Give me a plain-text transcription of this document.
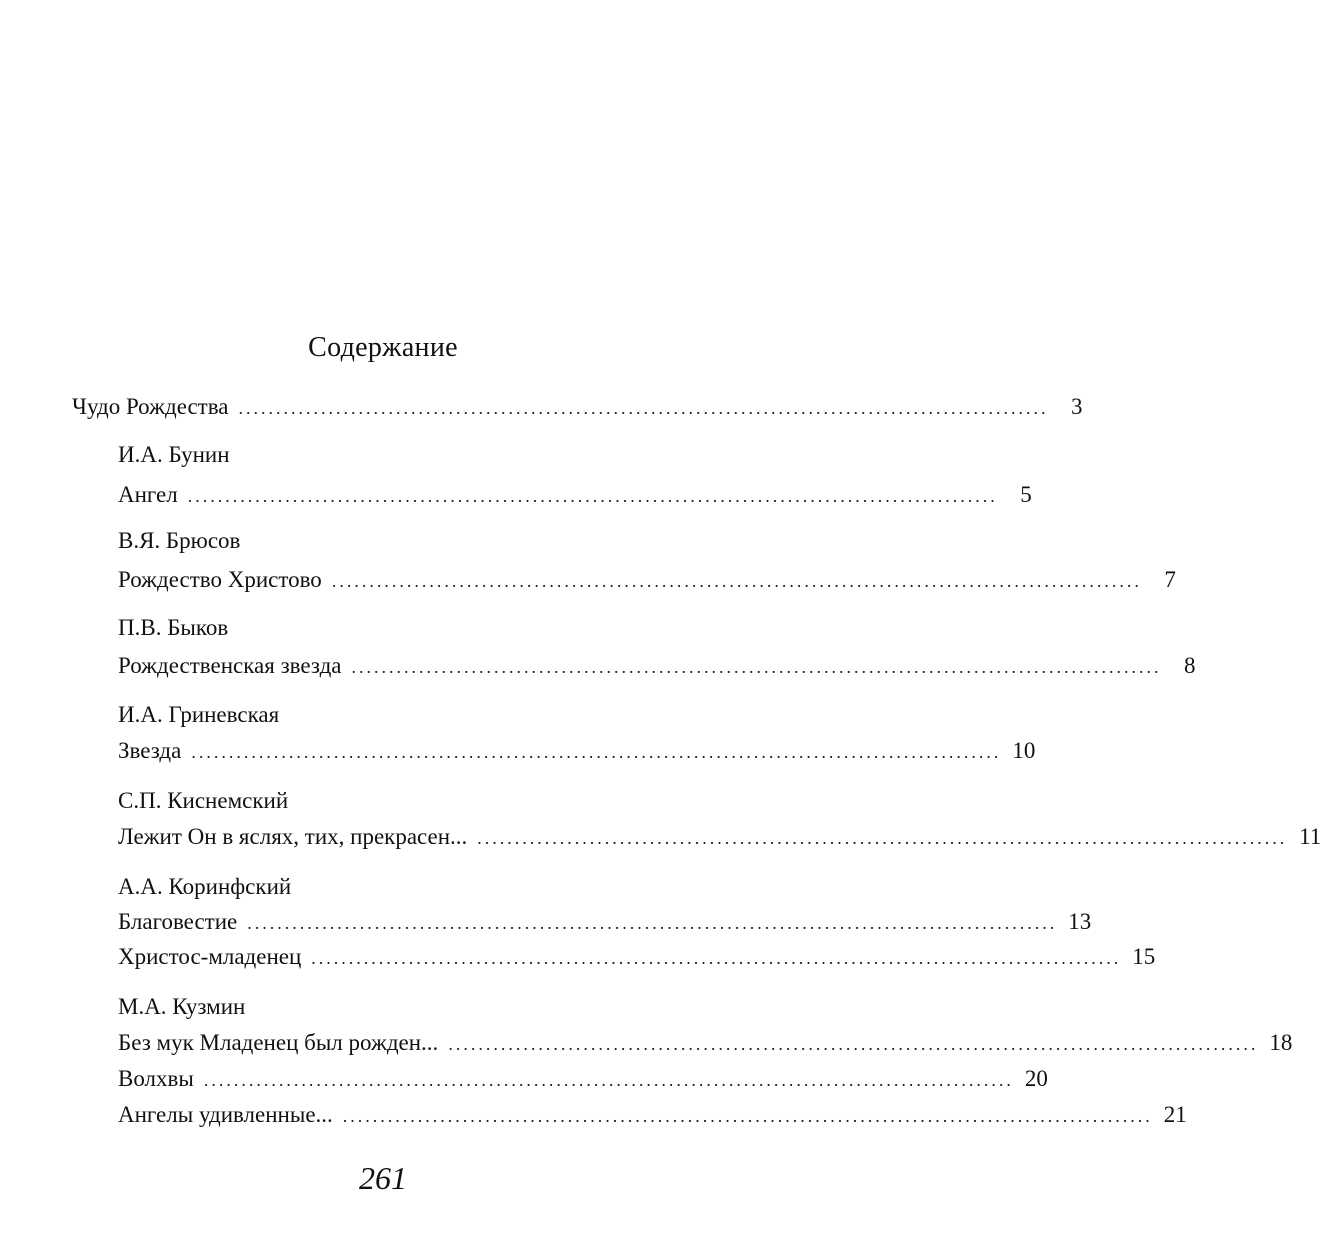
Содержание
Чудо Рождества ............................................................................................................ 3
И.А. Бунин
Ангел ............................................................................................................ 5
В.Я. Брюсов
Рождество Христово ............................................................................................................ 7
П.В. Быков
Рождественская звезда ............................................................................................................ 8
И.А. Гриневская
Звезда ............................................................................................................ 10
С.П. Киснемский
Лежит Он в яслях, тих, прекрасен... ............................................................................................................ 11
А.А. Коринфский
Благовестие ............................................................................................................ 13
Христос-младенец ............................................................................................................ 15
М.А. Кузмин
Без мук Младенец был рожден... ............................................................................................................ 18
Волхвы ............................................................................................................ 20
Ангелы удивленные... ............................................................................................................ 21
261
